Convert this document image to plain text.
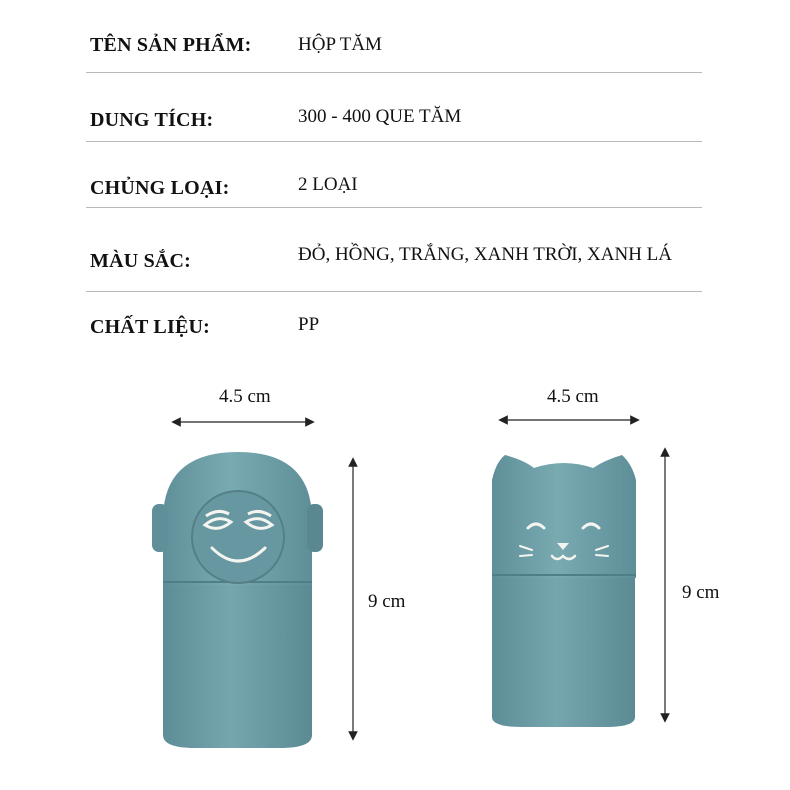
TÊN SẢN PHẨM: HỘP TĂM
DUNG TÍCH:	300 - 400 QUE TĂM
CHỦNG LOẠI:	2 LOẠI
MÀU SẮC:	ĐỎ, HỒNG, TRẮNG, XANH TRỜI, XANH LÁ
CHẤT LIỆU:	PP
4.5 cm
9 cm
4.5 cm
9 cm
